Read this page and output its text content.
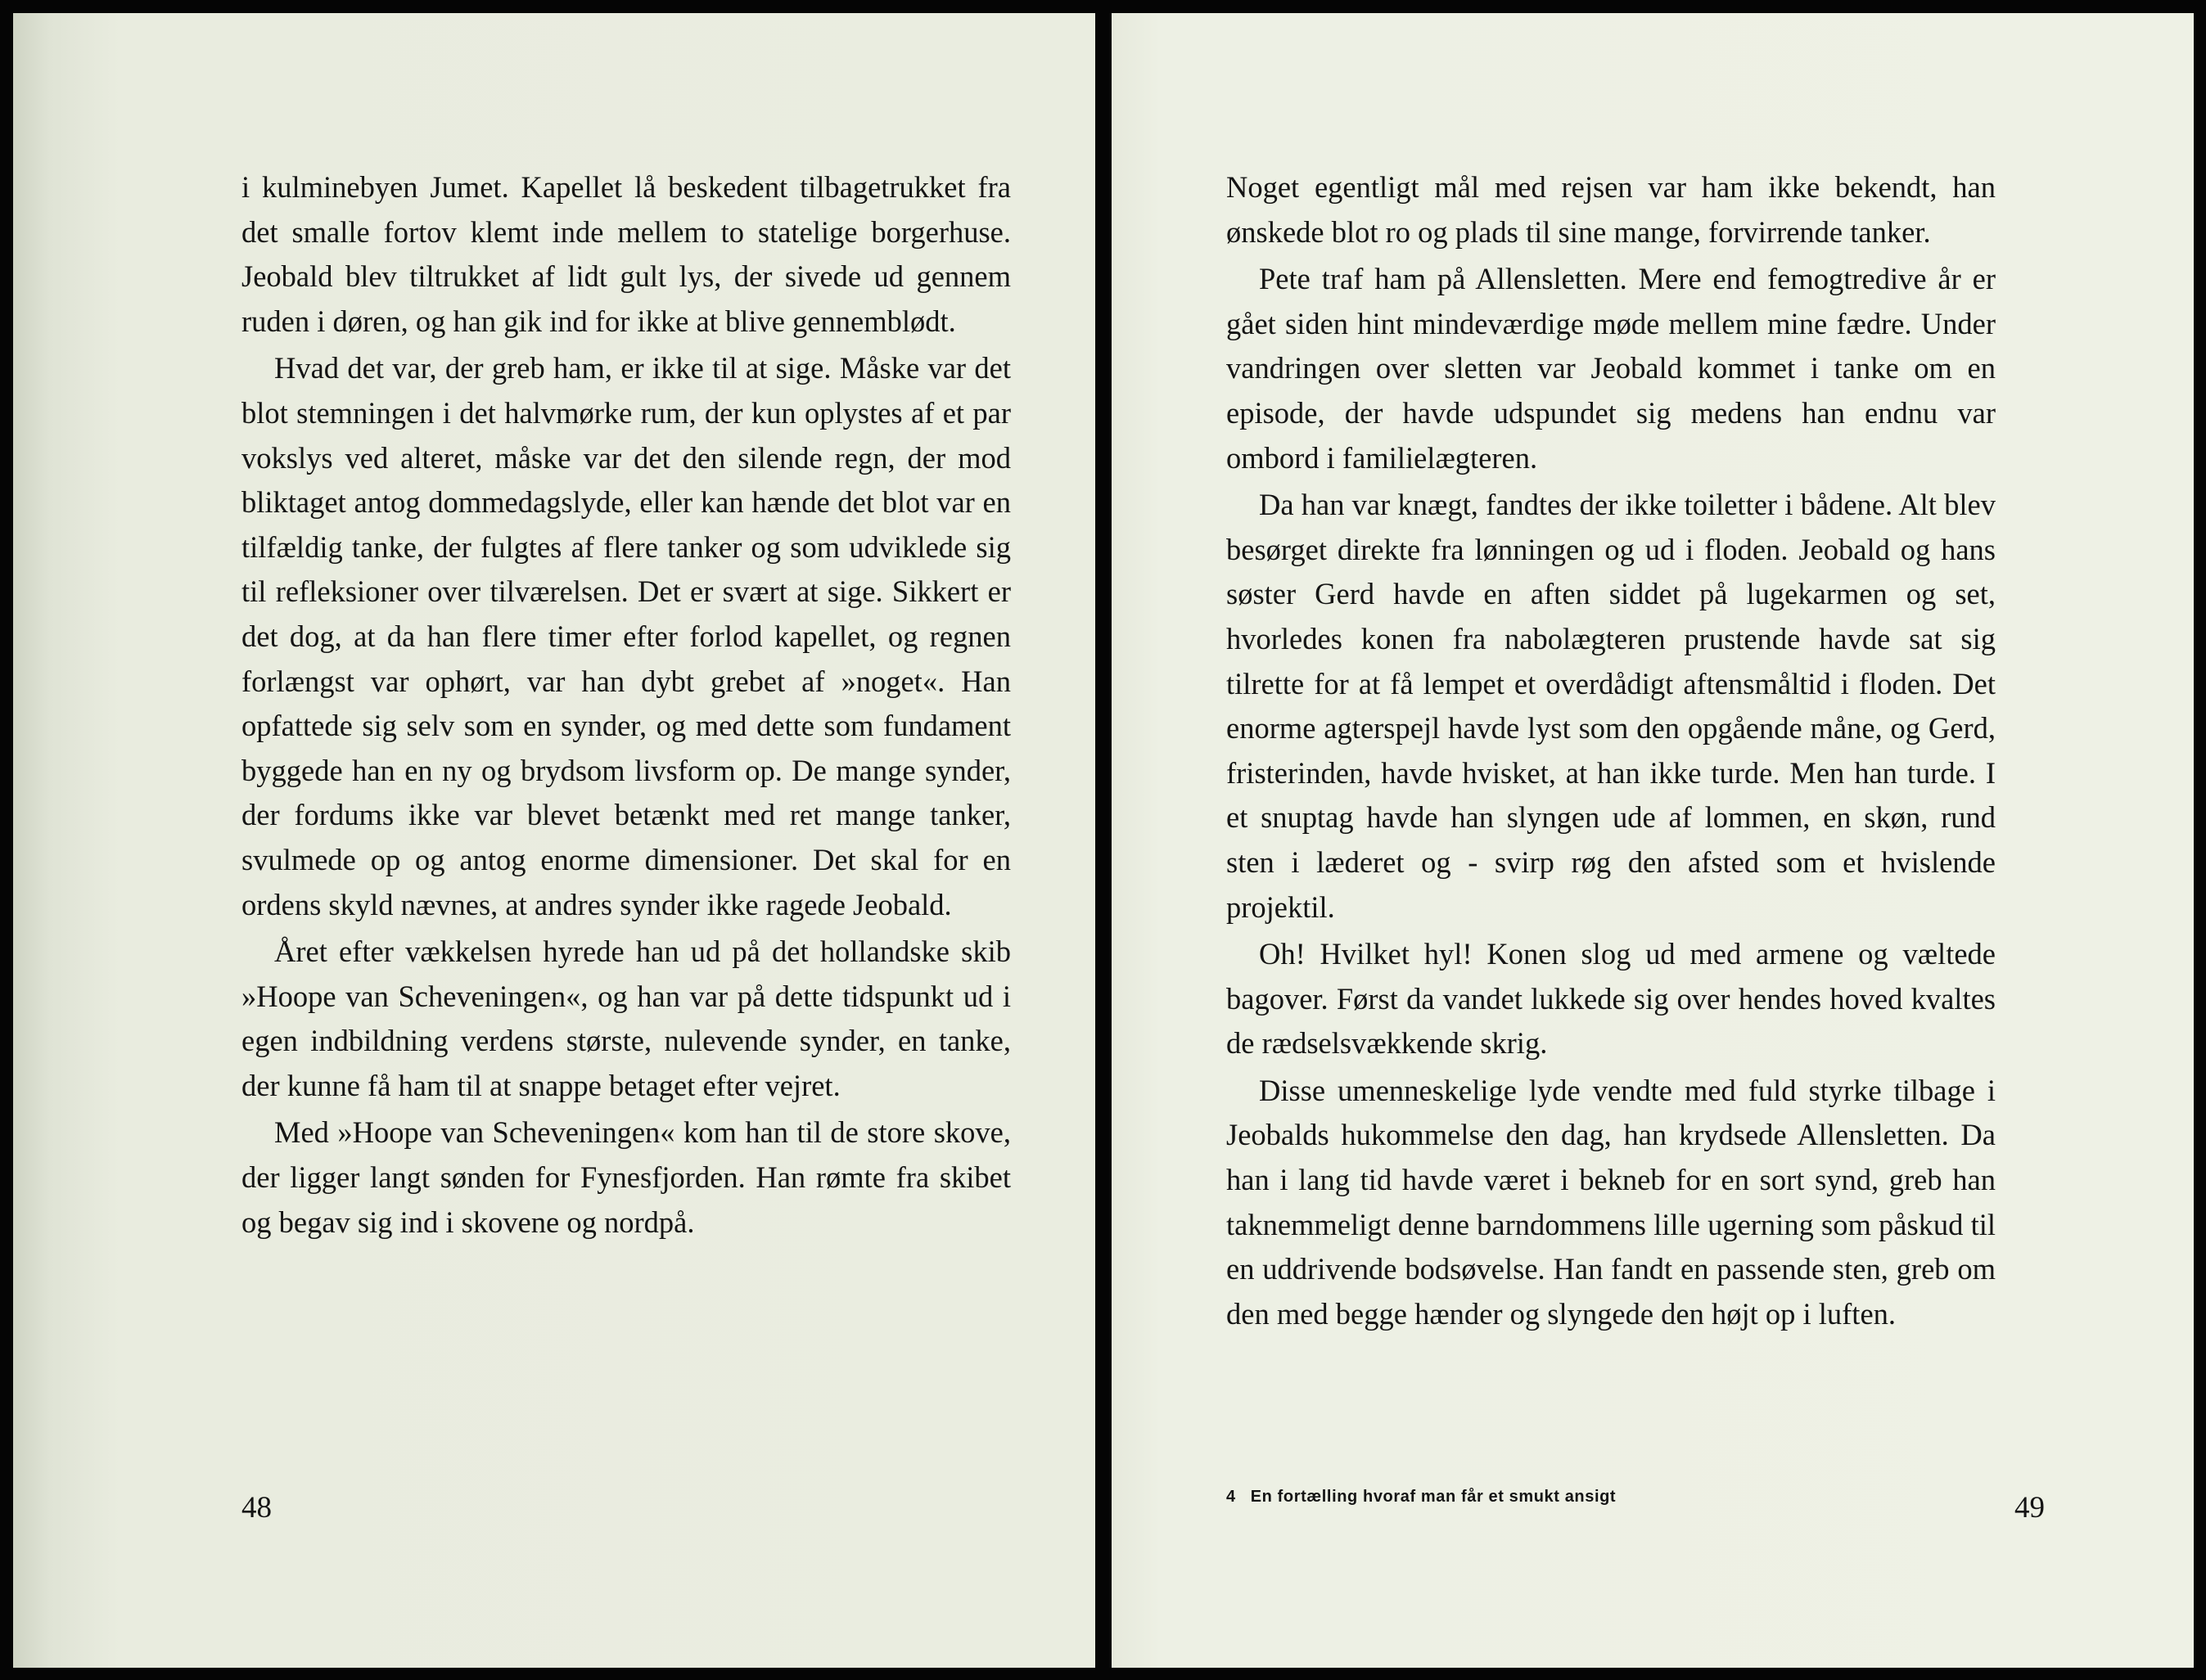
i kulminebyen Jumet. Kapellet lå beskedent tilbagetrukket fra det smalle fortov klemt inde mellem to statelige borgerhuse. Jeobald blev tiltrukket af lidt gult lys, der sivede ud gennem ruden i døren, og han gik ind for ikke at blive gennemblødt.

Hvad det var, der greb ham, er ikke til at sige. Måske var det blot stemningen i det halvmørke rum, der kun oplystes af et par vokslys ved alteret, måske var det den silende regn, der mod bliktaget antog dommedagslyde, eller kan hænde det blot var en tilfældig tanke, der fulgtes af flere tanker og som udviklede sig til refleksioner over tilværelsen. Det er svært at sige. Sikkert er det dog, at da han flere timer efter forlod kapellet, og regnen forlængst var ophørt, var han dybt grebet af »noget«. Han opfattede sig selv som en synder, og med dette som fundament byggede han en ny og brydsom livsform op. De mange synder, der fordums ikke var blevet betænkt med ret mange tanker, svulmede op og antog enorme dimensioner. Det skal for en ordens skyld nævnes, at andres synder ikke ragede Jeobald.

Året efter vækkelsen hyrede han ud på det hollandske skib »Hoope van Scheveningen«, og han var på dette tidspunkt ud i egen indbildning verdens største, nulevende synder, en tanke, der kunne få ham til at snappe betaget efter vejret.

Med »Hoope van Scheveningen« kom han til de store skove, der ligger langt sønden for Fynesfjorden. Han rømte fra skibet og begav sig ind i skovene og nordpå.

48

Noget egentligt mål med rejsen var ham ikke bekendt, han ønskede blot ro og plads til sine mange, forvirrende tanker.

Pete traf ham på Allensletten. Mere end femogtredive år er gået siden hint mindeværdige møde mellem mine fædre. Under vandringen over sletten var Jeobald kommet i tanke om en episode, der havde udspundet sig medens han endnu var ombord i familielægteren.

Da han var knægt, fandtes der ikke toiletter i bådene. Alt blev besørget direkte fra lønningen og ud i floden. Jeobald og hans søster Gerd havde en aften siddet på lugekarmen og set, hvorledes konen fra nabolægteren prustende havde sat sig tilrette for at få lempet et overdådigt aftensmåltid i floden. Det enorme agterspejl havde lyst som den opgående måne, og Gerd, fristerinden, havde hvisket, at han ikke turde. Men han turde. I et snuptag havde han slyngen ude af lommen, en skøn, rund sten i læderet og - svirp røg den afsted som et hvislende projektil.

Oh! Hvilket hyl! Konen slog ud med armene og væltede bagover. Først da vandet lukkede sig over hendes hoved kvaltes de rædselsvækkende skrig.

Disse umenneskelige lyde vendte med fuld styrke tilbage i Jeobalds hukommelse den dag, han krydsede Allensletten. Da han i lang tid havde været i bekneb for en sort synd, greb han taknemmeligt denne barndommens lille ugerning som påskud til en uddrivende bodsøvelse. Han fandt en passende sten, greb om den med begge hænder og slyngede den højt op i luften.

4 En fortælling hvoraf man får et smukt ansigt	49
